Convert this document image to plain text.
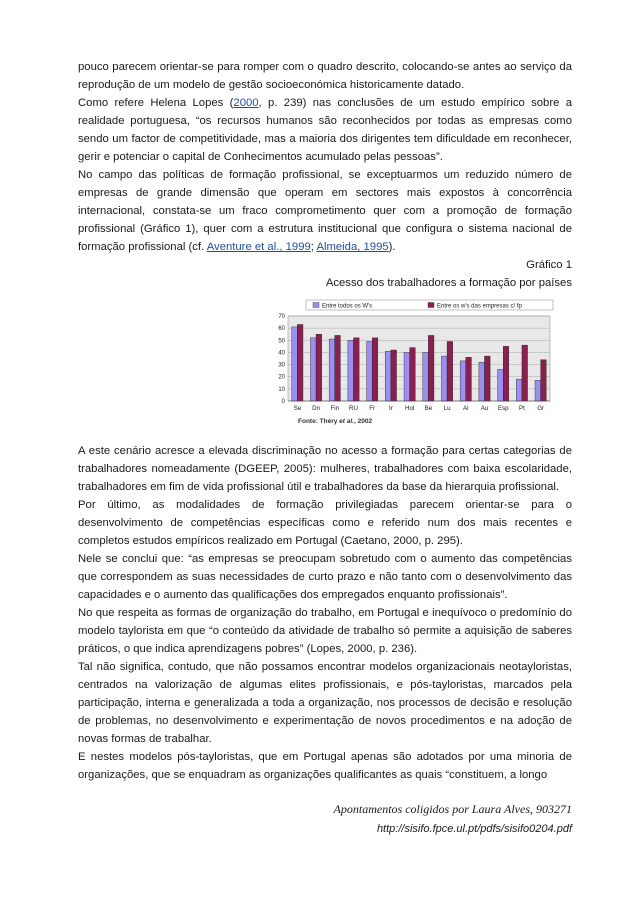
pouco parecem orientar-se para romper com o quadro descrito, colocando-se antes ao serviço da reprodução de um modelo de gestão socioeconómica historicamente datado.

Como refere Helena Lopes (2000, p. 239) nas conclusões de um estudo empírico sobre a realidade portuguesa, “os recursos humanos são reconhecidos por todas as empresas como sendo um factor de competitividade, mas a maioria dos dirigentes tem dificuldade em reconhecer, gerir e potenciar o capital de Conhecimentos acumulado pelas pessoas”.

No campo das políticas de formação profissional, se exceptuarmos um reduzido número de empresas de grande dimensão que operam em sectores mais expostos à concorrência internacional, constata-se um fraco comprometimento quer com a promoção de formação profissional (Gráfico 1), quer com a estrutura institucional que configura o sistema nacional de formação profissional (cf. Aventure et al., 1999; Almeida, 1995).

Gráfico 1

Acesso dos trabalhadores a formação por países

Entre todos os W's	Entre os w's das empresas c/ fp
0
10
20
30
40
50
60
70
Se Dn Fin RU Fr Ir Hol Be Lu Al Au Esp Pt Gr
Fonte: Théry et al., 2002

A este cenário acresce a elevada discriminação no acesso a formação para certas categorias de trabalhadores nomeadamente (DGEEP, 2005): mulheres, trabalhadores com baixa escolaridade, trabalhadores em fim de vida profissional útil e trabalhadores da base da hierarquia profissional.

Por último, as modalidades de formação privilegiadas parecem orientar-se para o desenvolvimento de competências específicas como e referido num dos mais recentes e completos estudos empíricos realizado em Portugal (Caetano, 2000, p. 295).

Nele se conclui que: “as empresas se preocupam sobretudo com o aumento das competências que correspondem as suas necessidades de curto prazo e não tanto com o desenvolvimento das capacidades e o aumento das qualificações dos empregados enquanto profissionais”.

No que respeita as formas de organização do trabalho, em Portugal e inequívoco o predomínio do modelo taylorista em que “o conteúdo da atividade de trabalho só permite a aquisição de saberes práticos, o que indica aprendizagens pobres” (Lopes, 2000, p. 236).

Tal não significa, contudo, que não possamos encontrar modelos organizacionais neotayloristas, centrados na valorização de algumas elites profissionais, e pós-tayloristas, marcados pela participação, interna e generalizada a toda a organização, nos processos de decisão e resolução de problemas, no desenvolvimento e experimentação de novos procedimentos e na adoção de novas formas de trabalhar.

E nestes modelos pós-tayloristas, que em Portugal apenas são adotados por uma minoria de organizações, que se enquadram as organizações qualificantes as quais “constituem, a longo

Apontamentos coligidos por Laura Alves, 903271
http://sisifo.fpce.ul.pt/pdfs/sisifo0204.pdf
